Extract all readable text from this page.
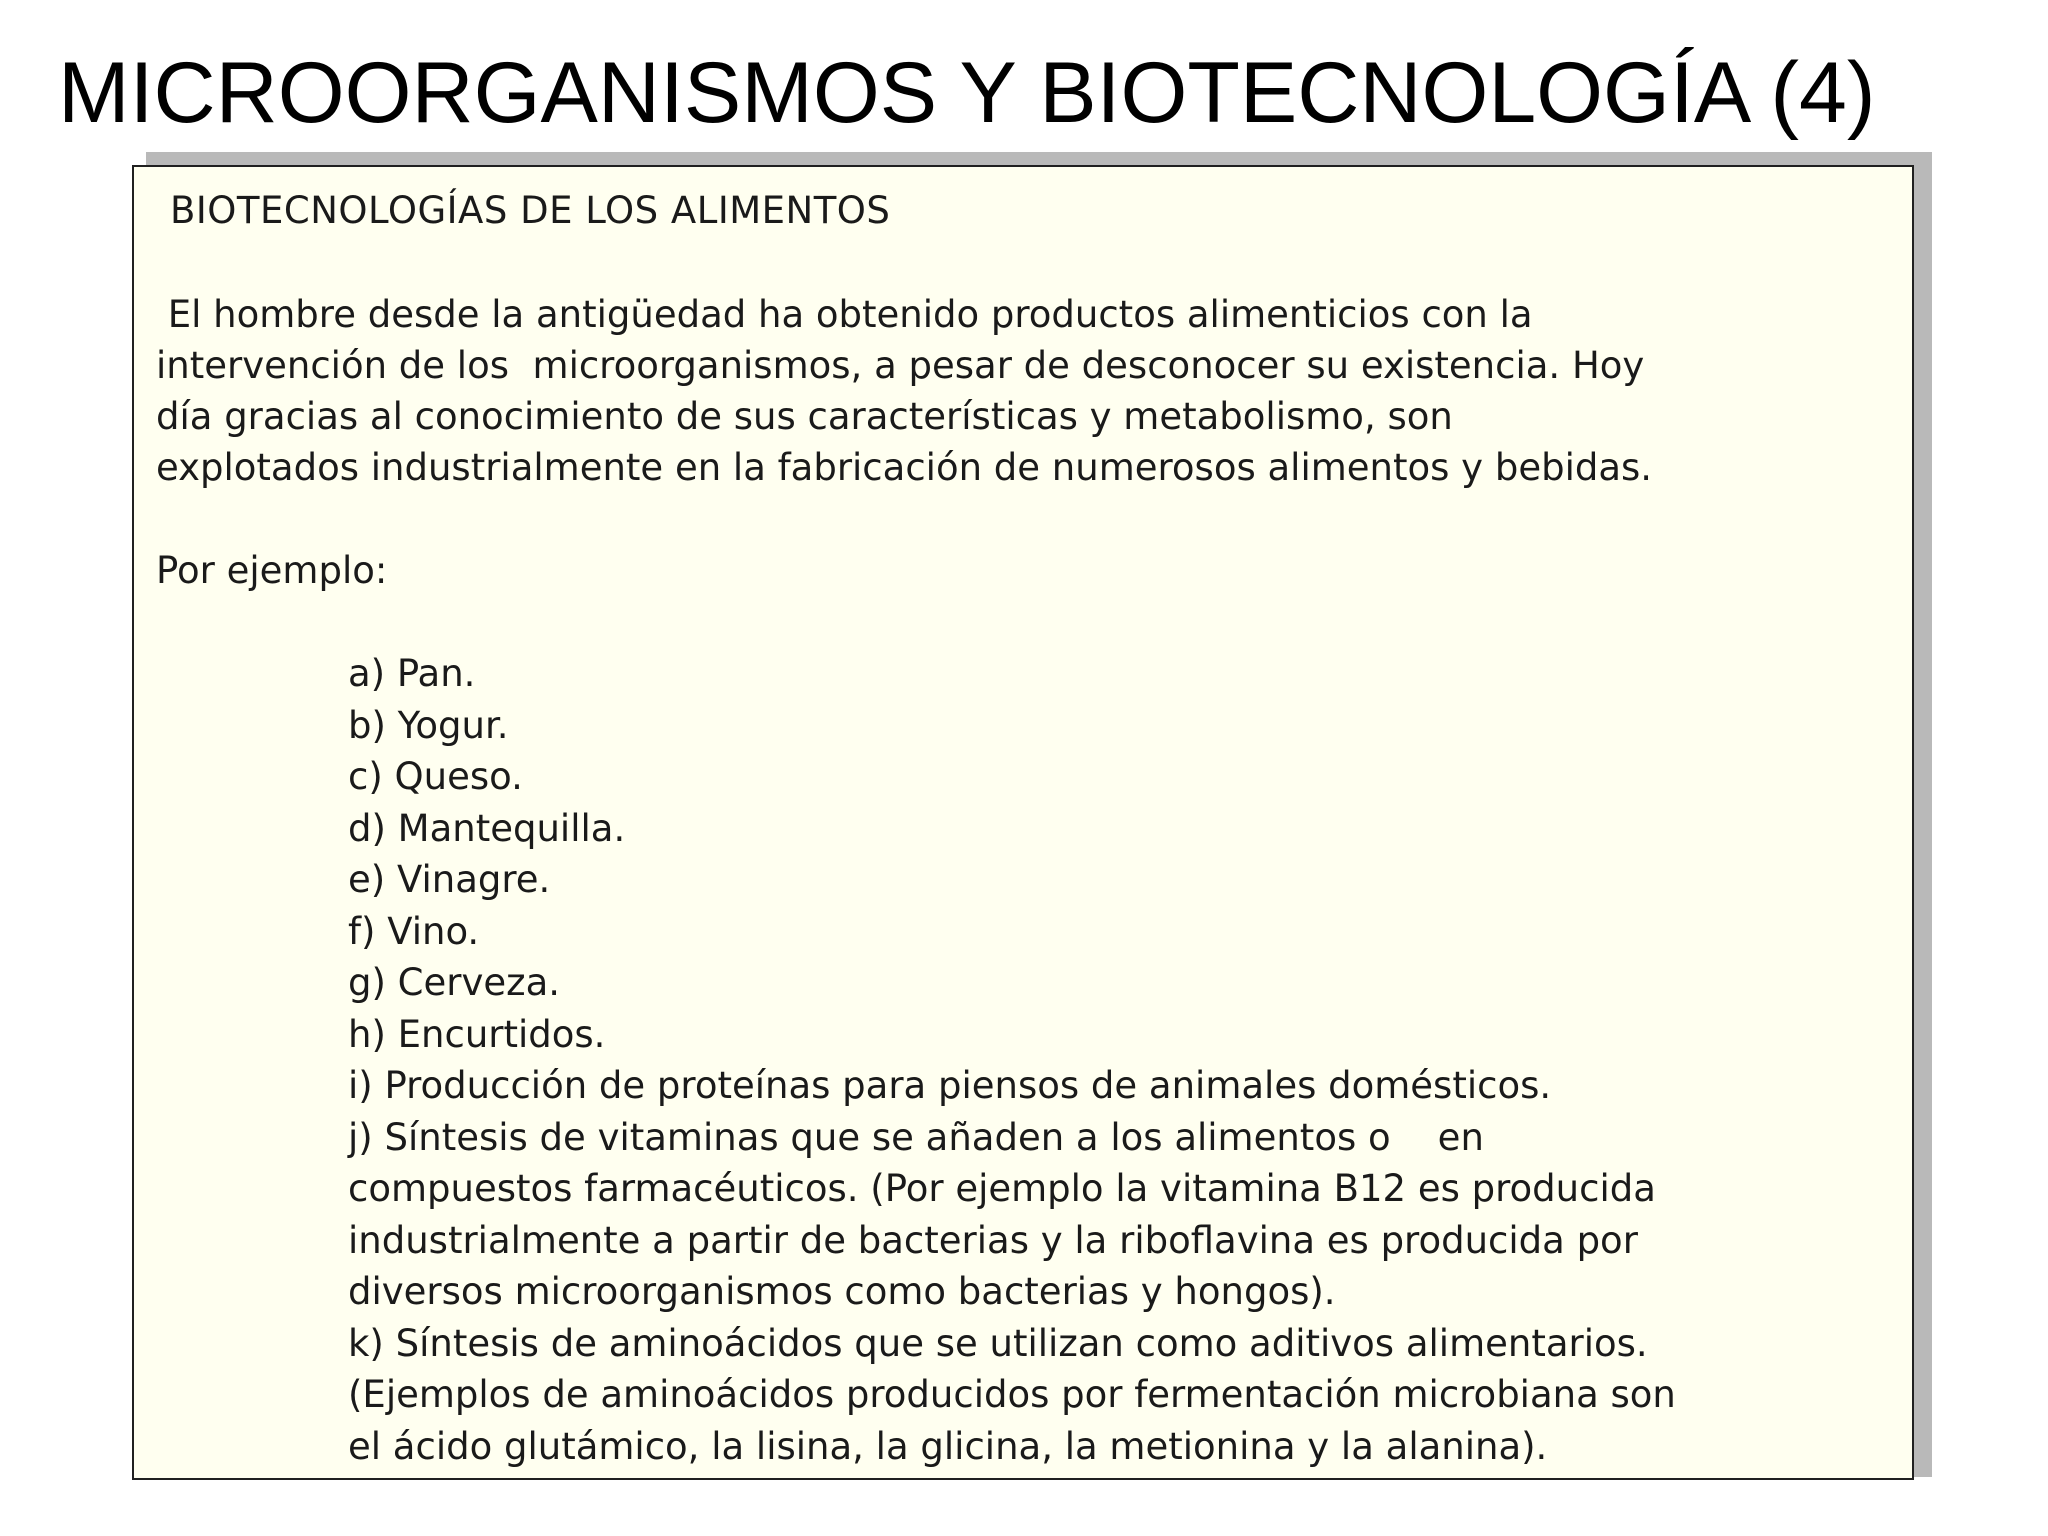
MICROORGANISMOS Y BIOTECNOLOGÍA (4)
BIOTECNOLOGÍAS DE LOS ALIMENTOS
El hombre desde la antigüedad ha obtenido productos alimenticios con la
intervención de los  microorganismos, a pesar de desconocer su existencia. Hoy
día gracias al conocimiento de sus características y metabolismo, son
explotados industrialmente en la fabricación de numerosos alimentos y bebidas.
Por ejemplo:
a) Pan.
b) Yogur.
c) Queso.
d) Mantequilla.
e) Vinagre.
f) Vino.
g) Cerveza.
h) Encurtidos.
i) Producción de proteínas para piensos de animales domésticos.
j) Síntesis de vitaminas que se añaden a los alimentos o    en
compuestos farmacéuticos. (Por ejemplo la vitamina B12 es producida
industrialmente a partir de bacterias y la riboflavina es producida por
diversos microorganismos como bacterias y hongos).
k) Síntesis de aminoácidos que se utilizan como aditivos alimentarios.
(Ejemplos de aminoácidos producidos por fermentación microbiana son
el ácido glutámico, la lisina, la glicina, la metionina y la alanina).
